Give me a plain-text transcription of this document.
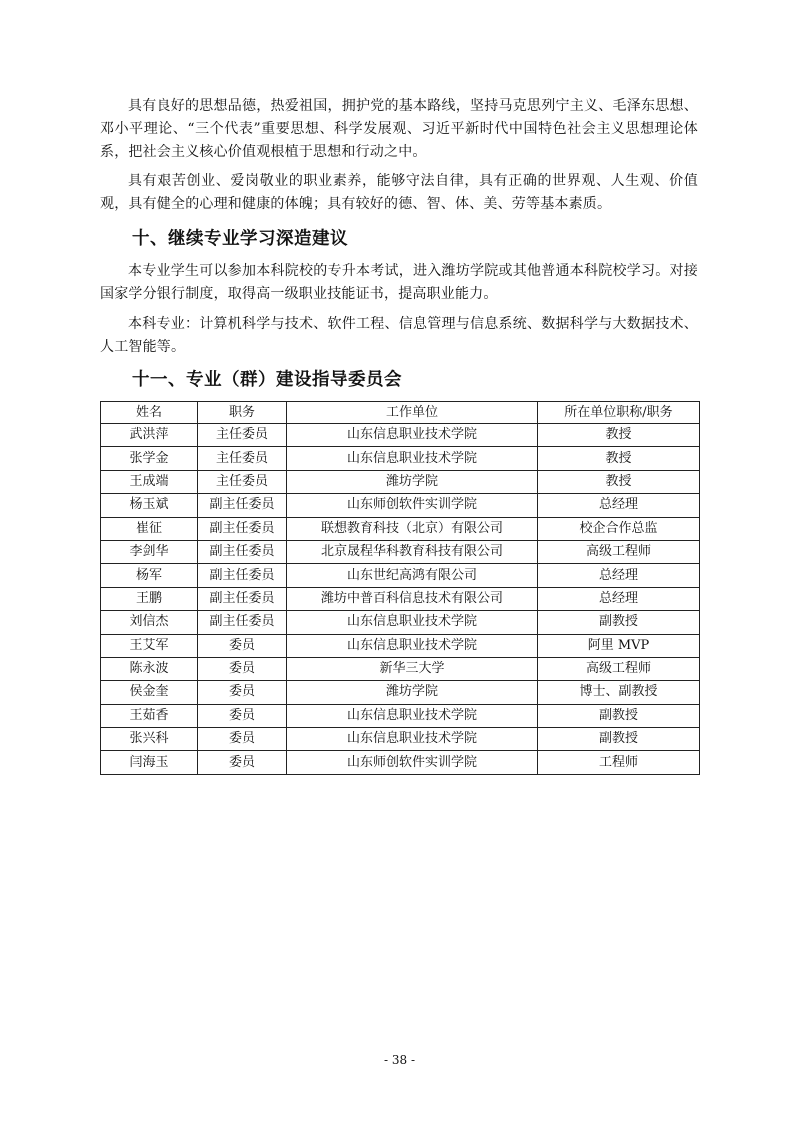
具有良好的思想品德，热爱祖国，拥护党的基本路线，坚持马克思列宁主义、毛泽东思想、邓小平理论、“三个代表”重要思想、科学发展观、习近平新时代中国特色社会主义思想理论体系，把社会主义核心价值观根植于思想和行动之中。

具有艰苦创业、爱岗敬业的职业素养，能够守法自律，具有正确的世界观、人生观、价值观，具有健全的心理和健康的体魄；具有较好的德、智、体、美、劳等基本素质。

十、继续专业学习深造建议

本专业学生可以参加本科院校的专升本考试，进入潍坊学院或其他普通本科院校学习。对接国家学分银行制度，取得高一级职业技能证书，提高职业能力。

本科专业：计算机科学与技术、软件工程、信息管理与信息系统、数据科学与大数据技术、人工智能等。

十一、专业（群）建设指导委员会
姓名	职务	工作单位	所在单位职称/职务
武洪萍	主任委员	山东信息职业技术学院	教授
张学金	主任委员	山东信息职业技术学院	教授
王成端	主任委员	潍坊学院	教授
杨玉斌	副主任委员	山东师创软件实训学院	总经理
崔征	副主任委员	联想教育科技（北京）有限公司	校企合作总监
李剑华	副主任委员	北京晟程华科教育科技有限公司	高级工程师
杨军	副主任委员	山东世纪高鸿有限公司	总经理
王鹏	副主任委员	潍坊中普百科信息技术有限公司	总经理
刘信杰	副主任委员	山东信息职业技术学院	副教授
王艾军	委员	山东信息职业技术学院	阿里 MVP
陈永波	委员	新华三大学	高级工程师
侯金奎	委员	潍坊学院	博士、副教授
王茹香	委员	山东信息职业技术学院	副教授
张兴科	委员	山东信息职业技术学院	副教授
闫海玉	委员	山东师创软件实训学院	工程师
- 38 -
